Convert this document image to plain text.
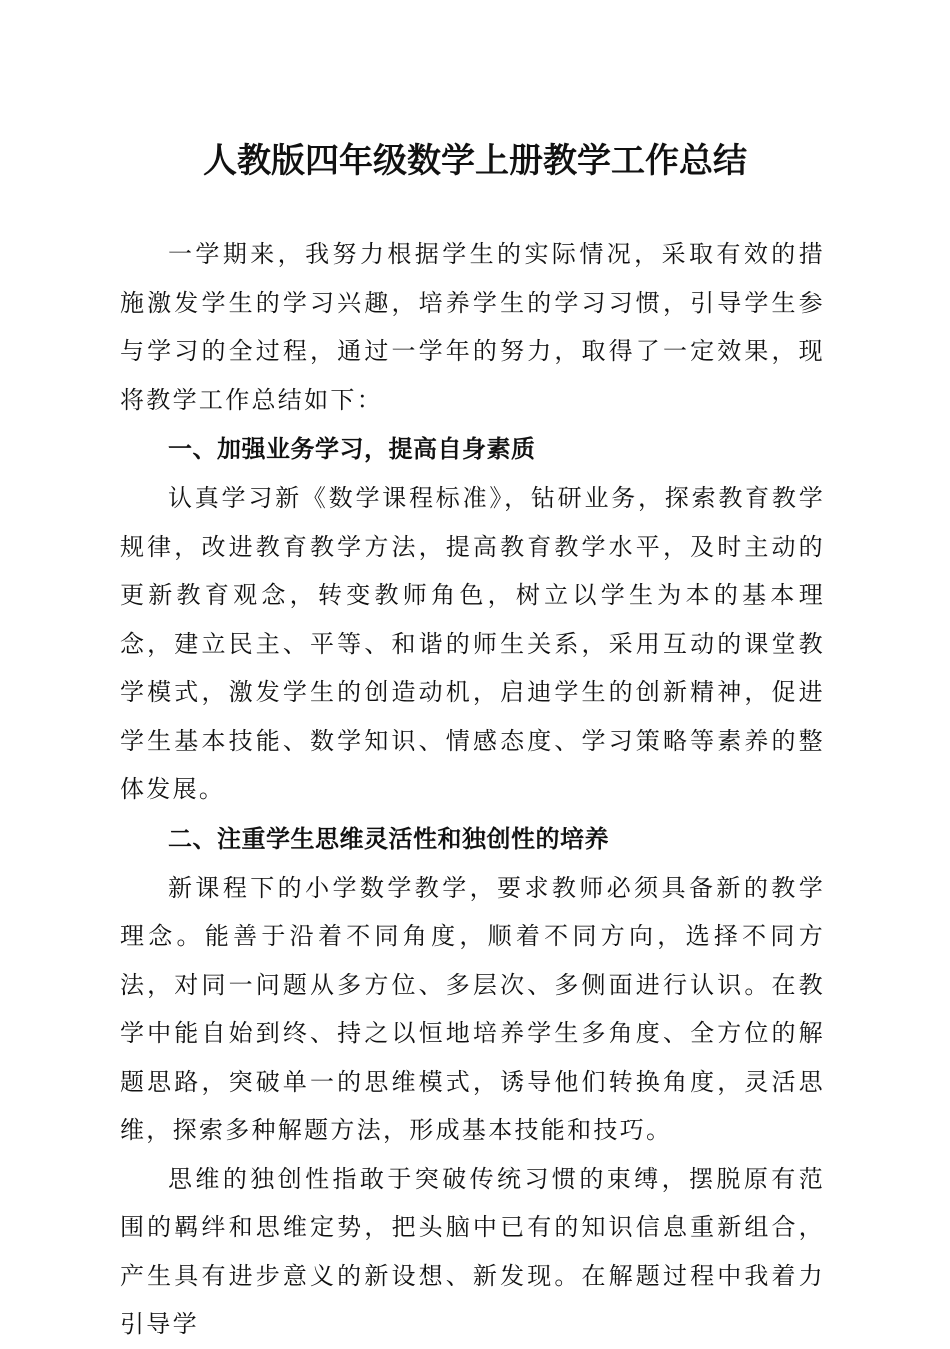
人教版四年级数学上册教学工作总结

一学期来，我努力根据学生的实际情况，采取有效的措施激发学生的学习兴趣，培养学生的学习习惯，引导学生参与学习的全过程，通过一学年的努力，取得了一定效果，现将教学工作总结如下：

一、加强业务学习，提高自身素质

认真学习新《数学课程标准》，钻研业务，探索教育教学规律，改进教育教学方法，提高教育教学水平，及时主动的更新教育观念，转变教师角色，树立以学生为本的基本理念，建立民主、平等、和谐的师生关系，采用互动的课堂教学模式，激发学生的创造动机，启迪学生的创新精神，促进学生基本技能、数学知识、情感态度、学习策略等素养的整体发展。

二、注重学生思维灵活性和独创性的培养

新课程下的小学数学教学，要求教师必须具备新的教学理念。能善于沿着不同角度，顺着不同方向，选择不同方法，对同一问题从多方位、多层次、多侧面进行认识。在教学中能自始到终、持之以恒地培养学生多角度、全方位的解题思路，突破单一的思维模式，诱导他们转换角度，灵活思维，探索多种解题方法，形成基本技能和技巧。

思维的独创性指敢于突破传统习惯的束缚，摆脱原有范围的羁绊和思维定势，把头脑中已有的知识信息重新组合，产生具有进步意义的新设想、新发现。在解题过程中我着力引导学
